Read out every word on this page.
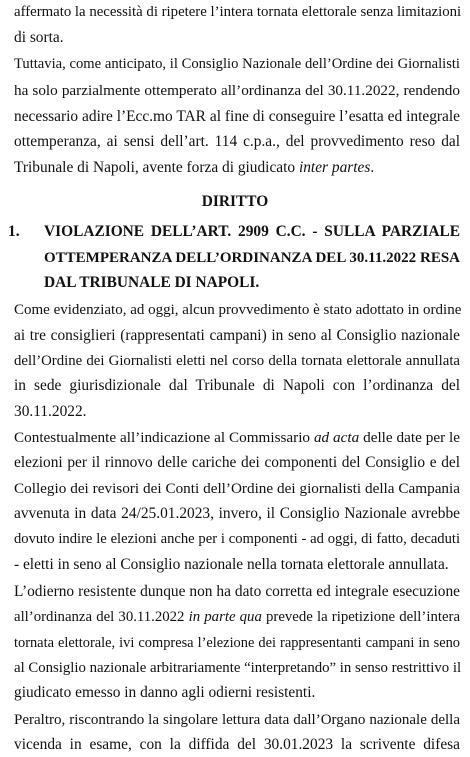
affermato la necessità di ripetere l’intera tornata elettorale senza limitazioni
di sorta.
Tuttavia, come anticipato, il Consiglio Nazionale dell’Ordine dei Giornalisti
ha solo parzialmente ottemperato all’ordinanza del 30.11.2022, rendendo
necessario adire l’Ecc.mo TAR al fine di conseguire l’esatta ed integrale
ottemperanza, ai sensi dell’art. 114 c.p.a., del provvedimento reso dal
Tribunale di Napoli, avente forza di giudicato inter partes.
DIRITTO
1. VIOLAZIONE DELL’ART. 2909 C.C. - SULLA PARZIALE
OTTEMPERANZA DELL’ORDINANZA DEL 30.11.2022 RESA
DAL TRIBUNALE DI NAPOLI.
Come evidenziato, ad oggi, alcun provvedimento è stato adottato in ordine
ai tre consiglieri (rappresentati campani) in seno al Consiglio nazionale
dell’Ordine dei Giornalisti eletti nel corso della tornata elettorale annullata
in sede giurisdizionale dal Tribunale di Napoli con l’ordinanza del
30.11.2022.
Contestualmente all’indicazione al Commissario ad acta delle date per le
elezioni per il rinnovo delle cariche dei componenti del Consiglio e del
Collegio dei revisori dei Conti dell’Ordine dei giornalisti della Campania
avvenuta in data 24/25.01.2023, invero, il Consiglio Nazionale avrebbe
dovuto indire le elezioni anche per i componenti - ad oggi, di fatto, decaduti
- eletti in seno al Consiglio nazionale nella tornata elettorale annullata.
L’odierno resistente dunque non ha dato corretta ed integrale esecuzione
all’ordinanza del 30.11.2022 in parte qua prevede la ripetizione dell’intera
tornata elettorale, ivi compresa l’elezione dei rappresentanti campani in seno
al Consiglio nazionale arbitrariamente “interpretando” in senso restrittivo il
giudicato emesso in danno agli odierni resistenti.
Peraltro, riscontrando la singolare lettura data dall’Organo nazionale della
vicenda in esame, con la diffida del 30.01.2023 la scrivente difesa
